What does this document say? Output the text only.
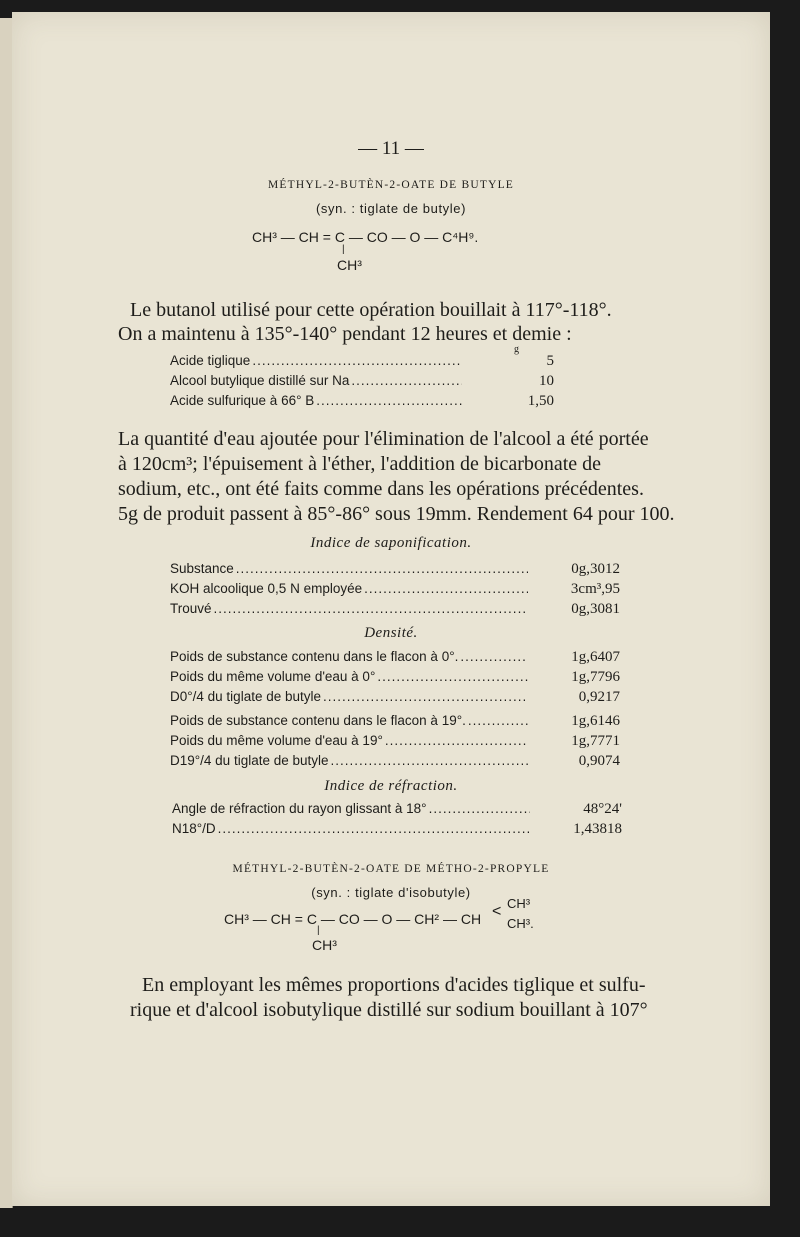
— 11 —
MÉTHYL-2-BUTÈN-2-OATE DE BUTYLE
(syn. : tiglate de butyle)
CH³ — CH = C — CO — O — C⁴H⁹.
|
CH³
Le butanol utilisé pour cette opération bouillait à 117°-118°.
On a maintenu à 135°-140° pendant 12 heures et demie :
g
Acide tiglique .....	5
Alcool butylique distillé sur Na .....	10
Acide sulfurique à 66° B .....	1,50
La quantité d'eau ajoutée pour l'élimination de l'alcool a été portée
à 120cm³; l'épuisement à l'éther, l'addition de bicarbonate de
sodium, etc., ont été faits comme dans les opérations précédentes.
5g de produit passent à 85°-86° sous 19mm. Rendement 64 pour 100.
Indice de saponification.
Substance .....	0g,3012
KOH alcoolique 0,5 N employée .....	3cm³,95
Trouvé .....	0g,3081
Densité.
Poids de substance contenu dans le flacon à 0°. .....	1g,6407
Poids du même volume d'eau à 0° .....	1g,7796
D0°/4 du tiglate de butyle .....	0,9217
Poids de substance contenu dans le flacon à 19°. .....	1g,6146
Poids du même volume d'eau à 19° .....	1g,7771
D19°/4 du tiglate de butyle .....	0,9074
Indice de réfraction.
Angle de réfraction du rayon glissant à 18° .....	48°24'
N18°/D .....	1,43818
MÉTHYL-2-BUTÈN-2-OATE DE MÉTHO-2-PROPYLE
(syn. : tiglate d'isobutyle)
CH³ — CH = C — CO — O — CH² — CH < CH³
CH³.
|
CH³
En employant les mêmes proportions d'acides tiglique et sulfu-
rique et d'alcool isobutylique distillé sur sodium bouillant à 107°
